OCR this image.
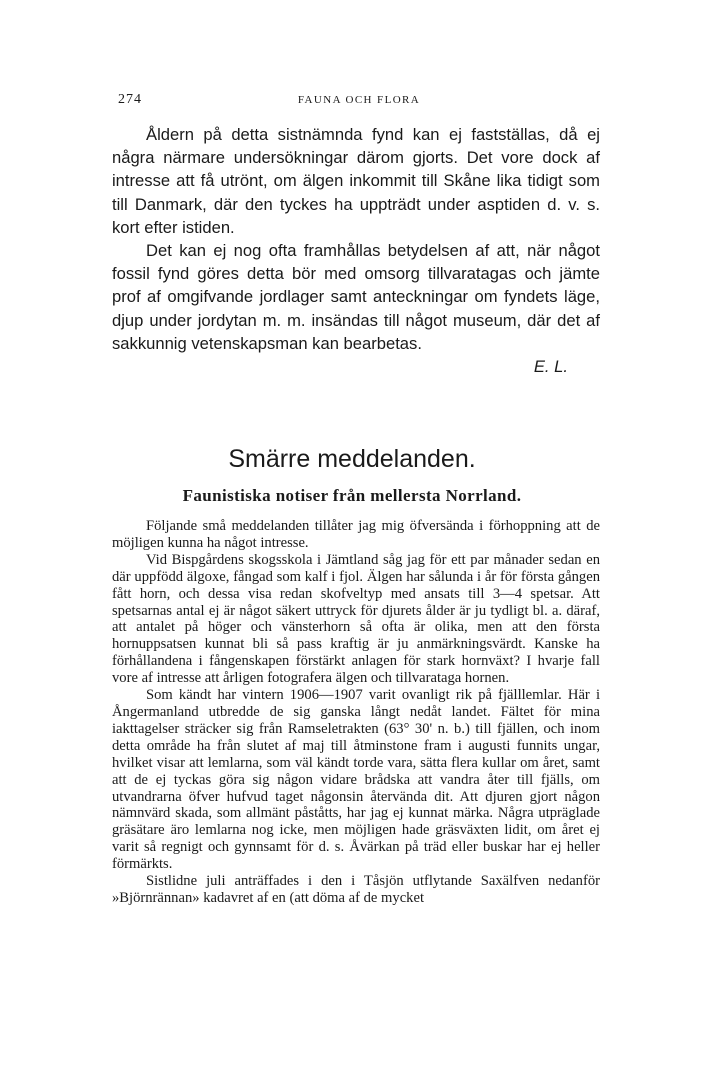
274	FAUNA OCH FLORA

Åldern på detta sistnämnda fynd kan ej fastställas, då ej några närmare undersökningar därom gjorts. Det vore dock af intresse att få utrönt, om älgen inkommit till Skåne lika tidigt som till Danmark, där den tyckes ha uppträdt under asptiden d. v. s. kort efter istiden.

Det kan ej nog ofta framhållas betydelsen af att, när något fossil fynd göres detta bör med omsorg tillvaratagas och jämte prof af omgifvande jordlager samt anteckningar om fyndets läge, djup under jordytan m. m. insändas till något museum, där det af sakkunnig vetenskapsman kan bearbetas.

E. L.

Smärre meddelanden.
Faunistiska notiser från mellersta Norrland.

Följande små meddelanden tillåter jag mig öfversända i förhoppning att de möjligen kunna ha något intresse.

Vid Bispgårdens skogsskola i Jämtland såg jag för ett par månader sedan en där uppfödd älgoxe, fångad som kalf i fjol. Älgen har sålunda i år för första gången fått horn, och dessa visa redan skofveltyp med ansats till 3—4 spetsar. Att spetsarnas antal ej är något säkert uttryck för djurets ålder är ju tydligt bl. a. däraf, att antalet på höger och vänsterhorn så ofta är olika, men att den första hornuppsatsen kunnat bli så pass kraftig är ju anmärkningsvärdt. Kanske ha förhållandena i fångenskapen förstärkt anlagen för stark hornväxt? I hvarje fall vore af intresse att årligen fotografera älgen och tillvarataga hornen.

Som kändt har vintern 1906—1907 varit ovanligt rik på fjälllemlar. Här i Ångermanland utbredde de sig ganska långt nedåt landet. Fältet för mina iakttagelser sträcker sig från Ramseletrakten (63° 30' n. b.) till fjällen, och inom detta område ha från slutet af maj till åtminstone fram i augusti funnits ungar, hvilket visar att lemlarna, som väl kändt torde vara, sätta flera kullar om året, samt att de ej tyckas göra sig någon vidare brådska att vandra åter till fjälls, om utvandrarna öfver hufvud taget någonsin återvända dit. Att djuren gjort någon nämnvärd skada, som allmänt påståtts, har jag ej kunnat märka. Några utpräglade gräsätare äro lemlarna nog icke, men möjligen hade gräsväxten lidit, om året ej varit så regnigt och gynnsamt för d. s. Åvärkan på träd eller buskar har ej heller förmärkts.

Sistlidne juli anträffades i den i Tåsjön utflytande Saxälfven nedanför »Björnrännan» kadavret af en (att döma af de mycket
